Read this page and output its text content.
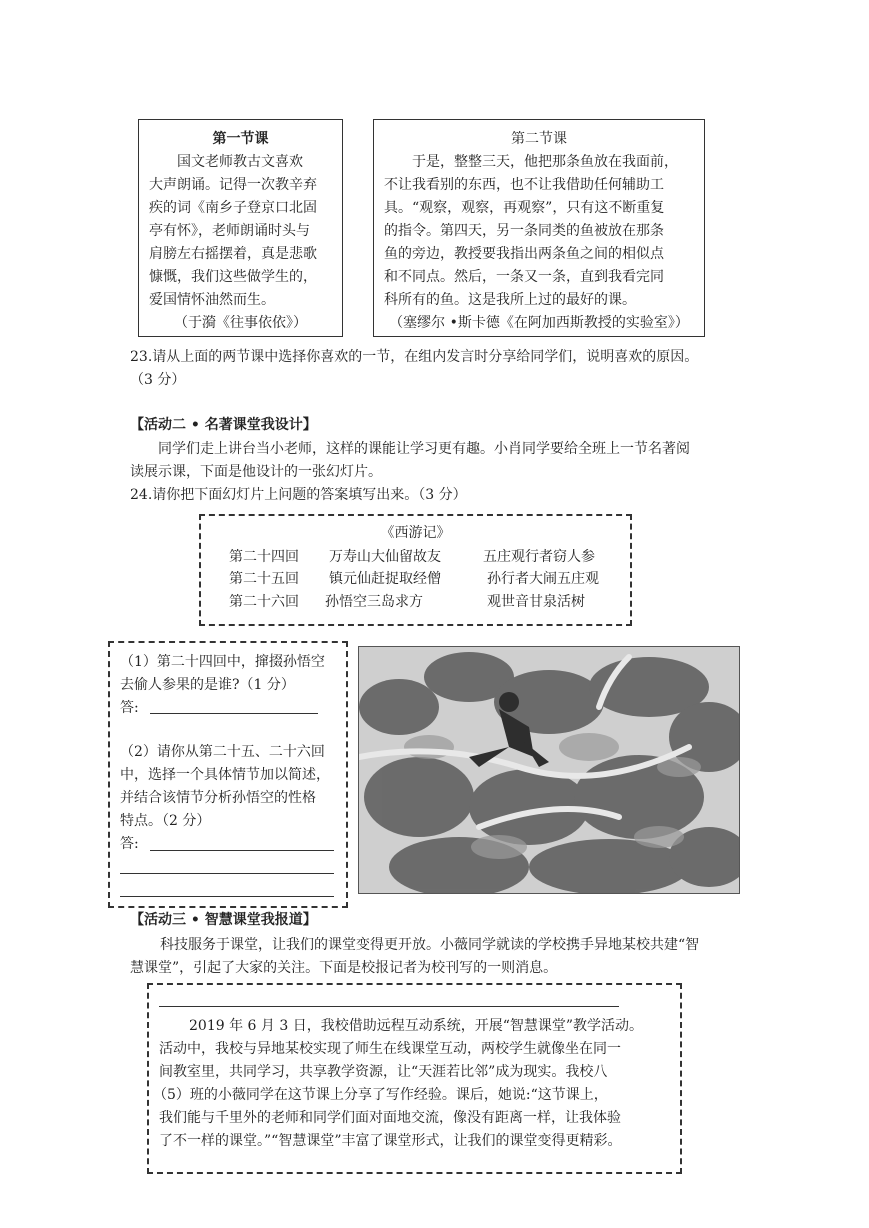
第一节课

国文老师教古文喜欢

大声朗诵。记得一次教辛弃

疾的词《南乡子登京口北固

亭有怀》，老师朗诵时头与

肩膀左右摇摆着，真是悲歌

慷慨，我们这些做学生的，

爱国情怀油然而生。

（于漪《往事依依》）

第二节课

于是，整整三天，他把那条鱼放在我面前，

不让我看别的东西，也不让我借助任何辅助工

具。“观察，观察，再观察”，只有这不断重复

的指令。第四天，另一条同类的鱼被放在那条

鱼的旁边，教授要我指出两条鱼之间的相似点

和不同点。然后，一条又一条，直到我看完同

科所有的鱼。这是我所上过的最好的课。

（塞缪尔 •斯卡德《在阿加西斯教授的实验室》）

23.请从上面的两节课中选择你喜欢的一节，在组内发言时分享给同学们，说明喜欢的原因。
（3 分）
【活动二 • 名著课堂我设计】
同学们走上讲台当小老师，这样的课能让学习更有趣。小肖同学要给全班上一节名著阅
读展示课，下面是他设计的一张幻灯片。
24.请你把下面幻灯片上问题的答案填写出来。（3 分）
《西游记》
第二十四回 万寿山大仙留故友	五庄观行者窃人参
第二十五回 镇元仙赶捉取经僧	孙行者大闹五庄观
第二十六回 孙悟空三岛求方	观世音甘泉活树
（1）第二十四回中，撺掇孙悟空
去偷人参果的是谁?（1 分）
答:
（2）请你从第二十五、二十六回
中，选择一个具体情节加以简述，
并结合该情节分析孙悟空的性格
特点。（2 分）
答:
【活动三 • 智慧课堂我报道】
科技服务于课堂，让我们的课堂变得更开放。小薇同学就读的学校携手异地某校共建“智
慧课堂”，引起了大家的关注。下面是校报记者为校刊写的一则消息。
2019 年 6 月 3 日，我校借助远程互动系统，开展“智慧课堂”教学活动。
活动中，我校与异地某校实现了师生在线课堂互动，两校学生就像坐在同一
间教室里，共同学习，共享教学资源，让“天涯若比邻”成为现实。我校八
（5）班的小薇同学在这节课上分享了写作经验。课后，她说:“这节课上，
我们能与千里外的老师和同学们面对面地交流，像没有距离一样，让我体验
了不一样的课堂。”“智慧课堂”丰富了课堂形式，让我们的课堂变得更精彩。
